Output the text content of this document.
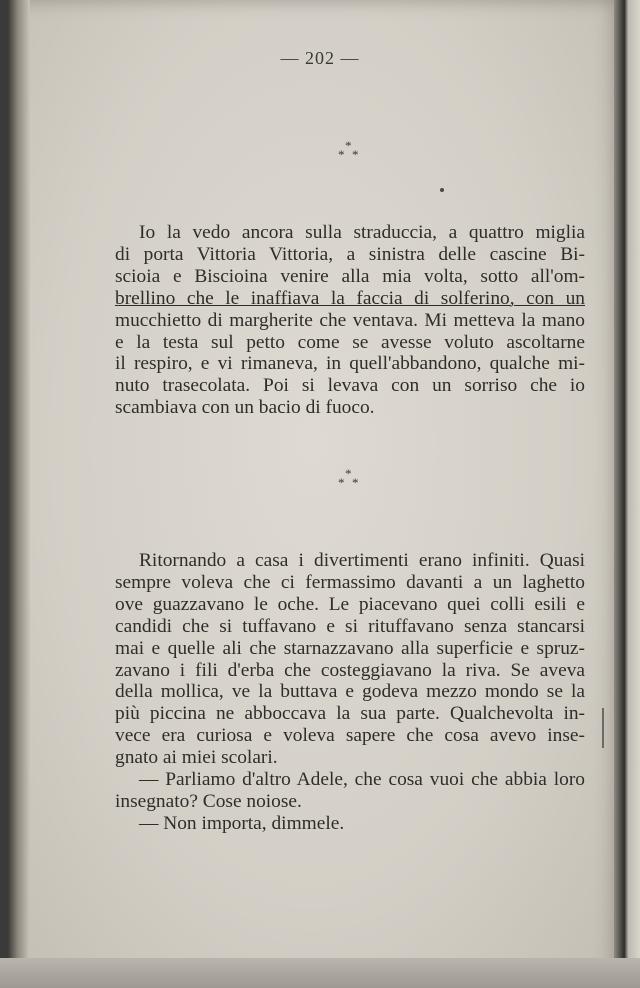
— 202 —
*
* *
Io la vedo ancora sulla straduccia, a quattro miglia
di porta Vittoria Vittoria, a sinistra delle cascine Bi-
scioia e Biscioina venire alla mia volta, sotto all'om-
brellino che le inaffiava la faccia di solferino, con un
mucchietto di margherite che ventava. Mi metteva la mano
e la testa sul petto come se avesse voluto ascoltarne
il respiro, e vi rimaneva, in quell'abbandono, qualche mi-
nuto trasecolata. Poi si levava con un sorriso che io
scambiava con un bacio di fuoco.
*
* *
Ritornando a casa i divertimenti erano infiniti. Quasi
sempre voleva che ci fermassimo davanti a un laghetto
ove guazzavano le oche. Le piacevano quei colli esili e
candidi che si tuffavano e si rituffavano senza stancarsi
mai e quelle ali che starnazzavano alla superficie e spruz-
zavano i fili d'erba che costeggiavano la riva. Se aveva
della mollica, ve la buttava e godeva mezzo mondo se la
più piccina ne abboccava la sua parte. Qualchevolta in-
vece era curiosa e voleva sapere che cosa avevo inse-
gnato ai miei scolari.
— Parliamo d'altro Adele, che cosa vuoi che abbia loro
insegnato? Cose noiose.
— Non importa, dimmele.
